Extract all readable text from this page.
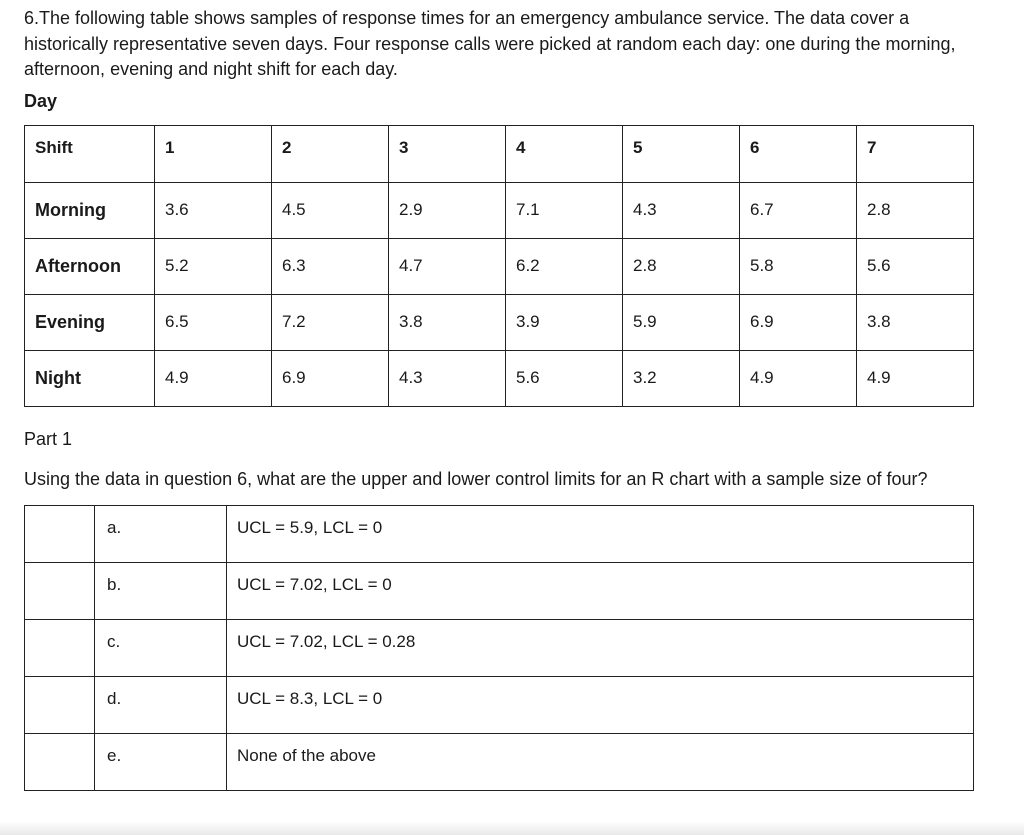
6.The following table shows samples of response times for an emergency ambulance service. The data cover a historically representative seven days. Four response calls were picked at random each day: one during the morning, afternoon, evening and night shift for each day.

Day
Shift	1	2	3	4	5	6	7
Morning	3.6	4.5	2.9	7.1	4.3	6.7	2.8
Afternoon	5.2	6.3	4.7	6.2	2.8	5.8	5.6
Evening	6.5	7.2	3.8	3.9	5.9	6.9	3.8
Night	4.9	6.9	4.3	5.6	3.2	4.9	4.9

Part 1

Using the data in question 6, what are the upper and lower control limits for an R chart with a sample size of four?

	a.	UCL = 5.9, LCL = 0
	b.	UCL = 7.02, LCL = 0
	c.	UCL = 7.02, LCL = 0.28
	d.	UCL = 8.3, LCL = 0
	e.	None of the above
